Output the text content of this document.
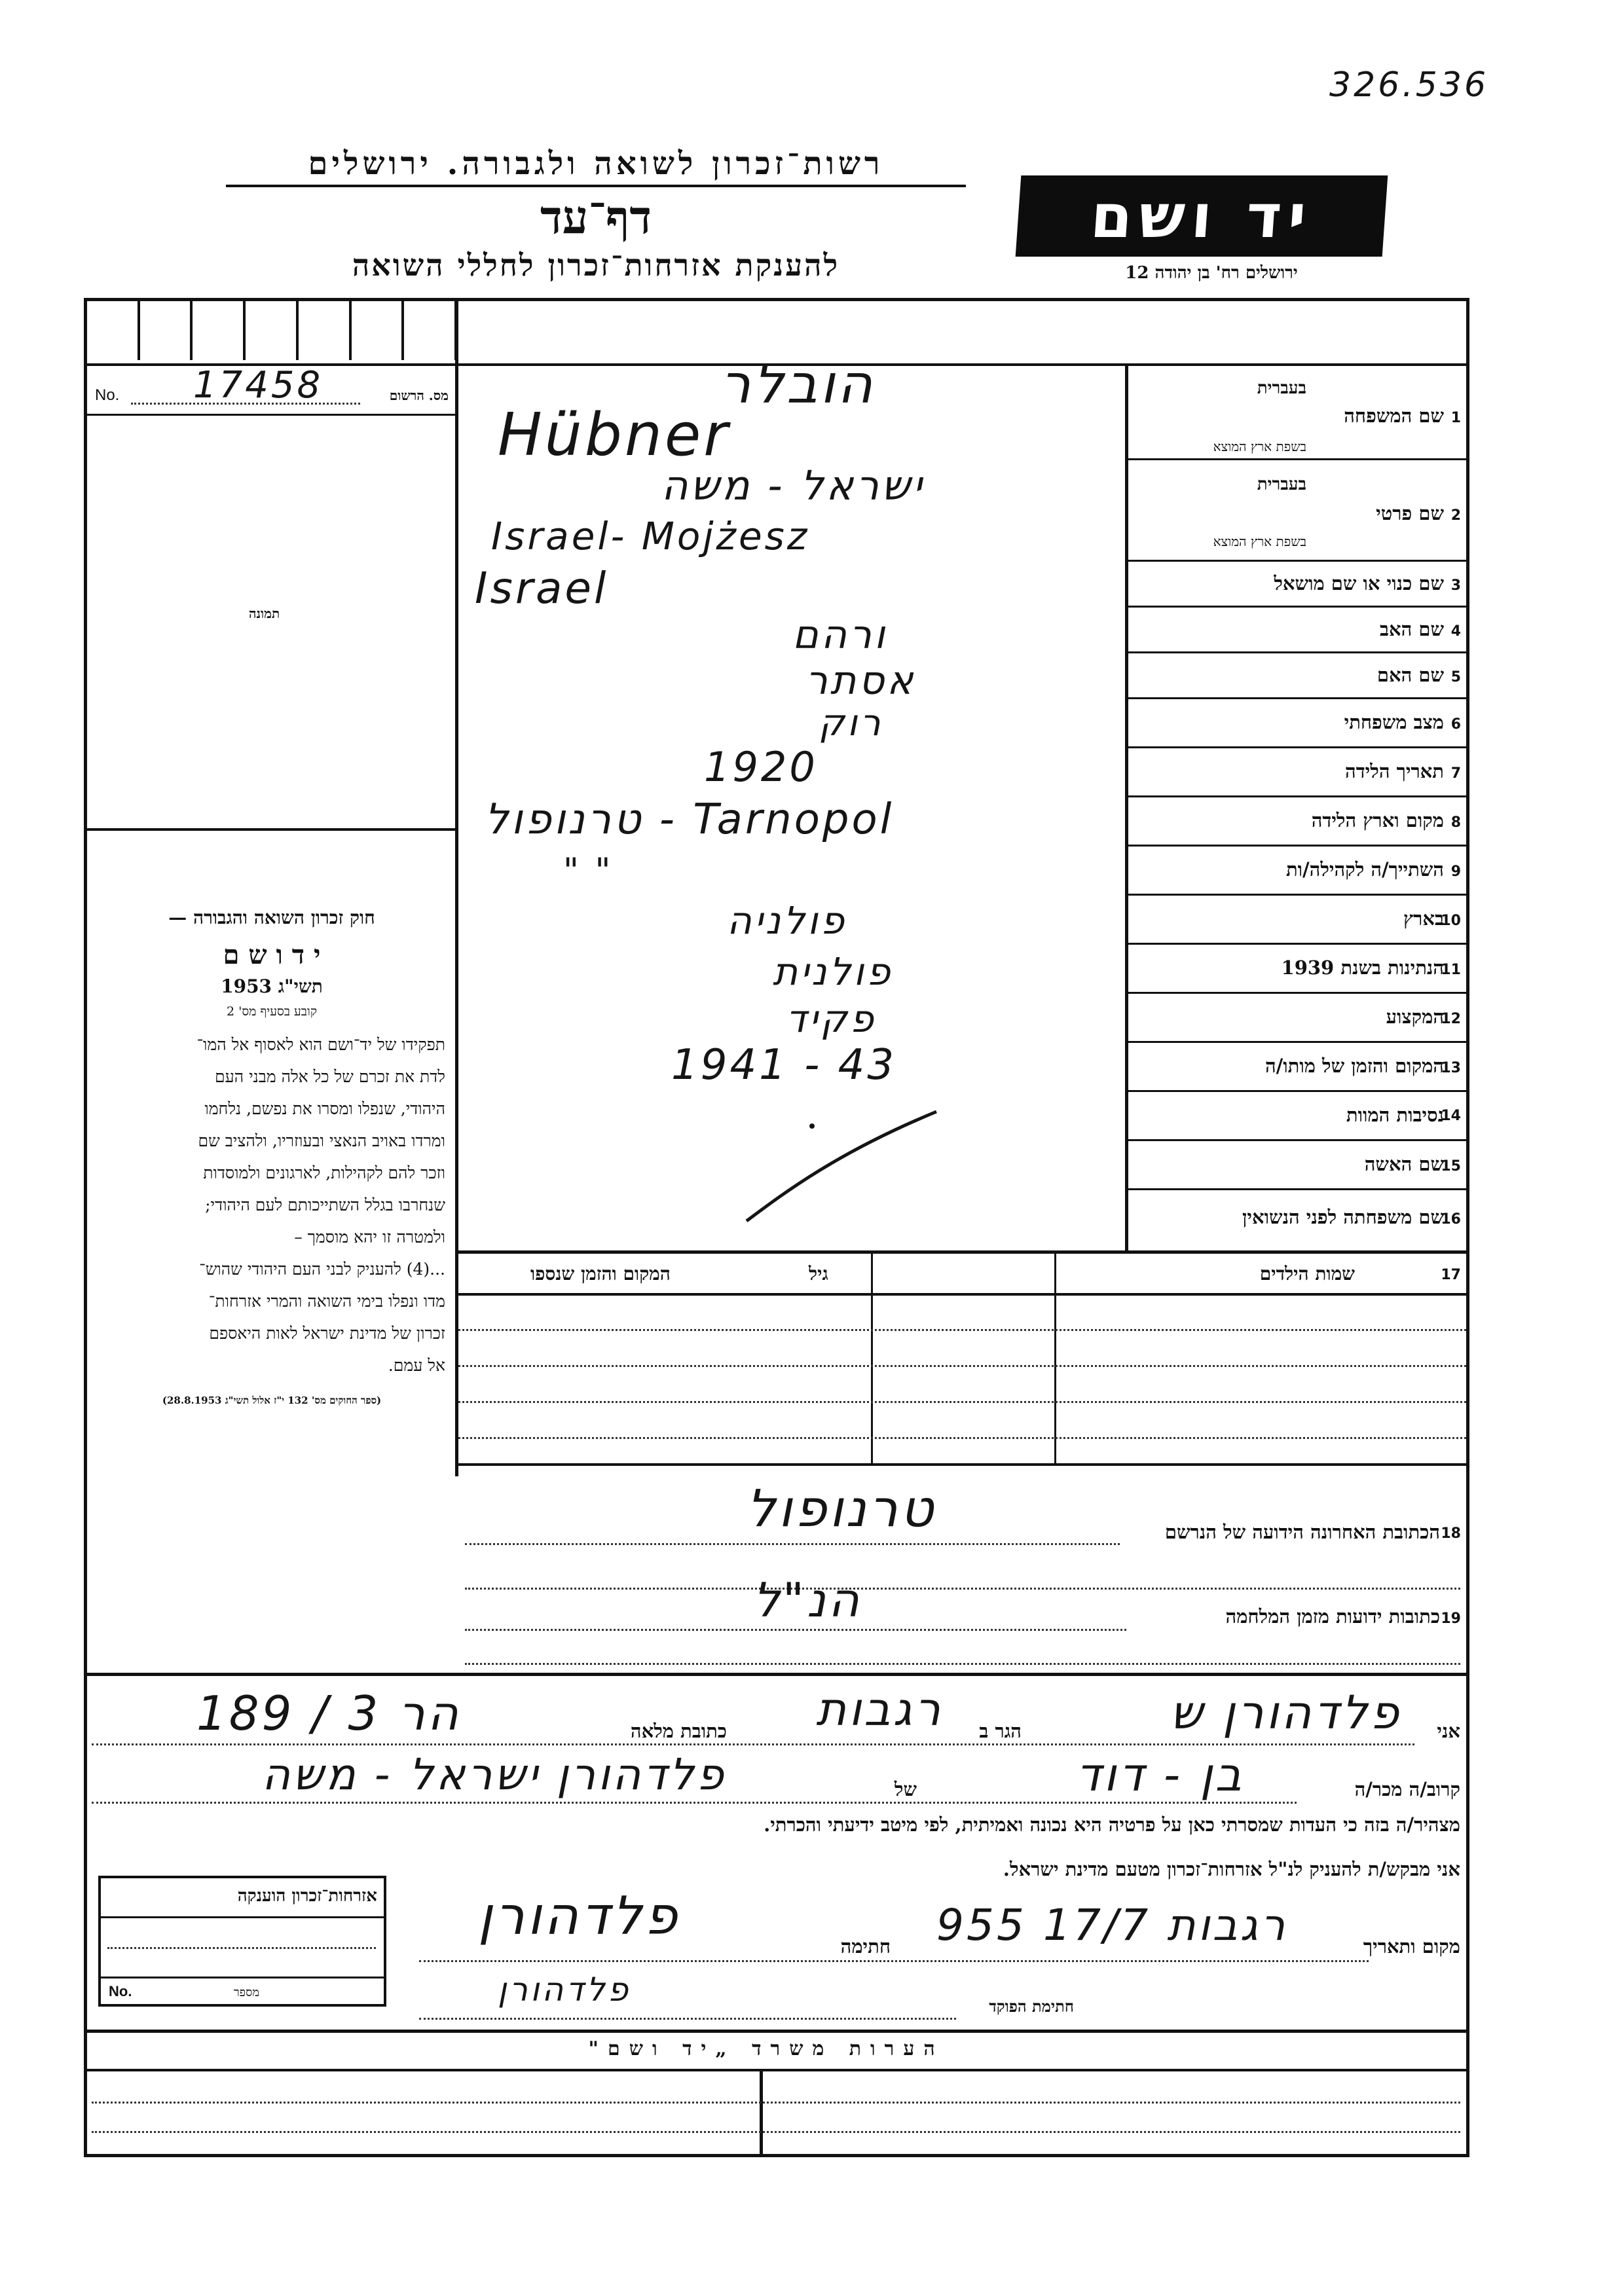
326.536
רשות־זכרון לשואה ולגבורה. ירושלים
דף־עד
להענקת אזרחות־זכרון לחללי השואה
יד ושם
ירושלים רח' בן יהודה 12
No. 17458	מס. הרשום
תמונה
חוק זכרון השואה והגבורה —
י ד ו ש ם
תשי"ג 1953
קובע בסעיף מס' 2
תפקידו של יד־ושם הוא לאסוף אל המו־
לדת את זכרם של כל אלה מבני העם
היהודי, שנפלו ומסרו את נפשם, נלחמו
ומרדו באויב הנאצי ובעוזריו, ולהציב שם
וזכר להם לקהילות, לארגונים ולמוסדות
שנחרבו בגלל השתייכותם לעם היהודי;
ולמטרה זו יהא מוסמך –
...(4) להעניק לבני העם היהודי שהוש־
מדו ונפלו בימי השואה והמרי אזרחות־
זכרון של מדינת ישראל לאות היאספם
אל עמם.
(ספר החוקים מס' 132 י"ז אלול תשי"ג 28.8.1953)
1
שם המשפחה
בעברית
בשפת ארץ המוצא
הובלר
Hübner
2
שם פרטי
בעברית
בשפת ארץ המוצא
ישראל - משה
Israel- Mojżesz
3
שם כנוי או שם מושאל
Israel
4
שם האב
ורהם
5
שם האם
אסתר
6
מצב משפחתי
רוק
7
תאריך הלידה
1920
8
מקום וארץ הלידה
טרנופול - Tarnopol
9
השתייך/ה לקהילה/ות
" "
10
בארץ
פולניה
11
הנתינות בשנת 1939
פולנית
12
המקצוע
פקיד
13
המקום והזמן של מותו/ה
1941 - 43
14
נסיבות המוות
15
שם האשה
16
שם משפחתה לפני הנשואין
17
שמות הילדים
גיל
המקום והזמן שנספו
18
הכתובת האחרונה הידועה של הנרשם
טרנופול
19
כתובות ידועות מזמן המלחמה
הנ"ל
אני
פלדהורן ש
הגר ב
רגבות
כתובת מלאה
הר 3 / 189
קרוב/ה מכר/ה
בן - דוד
של
פלדהורן ישראל - משה
מצהיר/ה בזה כי העדות שמסרתי כאן על פרטיה היא נכונה ואמיתית, לפי מיטב ידיעתי והכרתי.
אני מבקש/ת להעניק לנ"ל אזרחות־זכרון מטעם מדינת ישראל.
מקום ותאריך
רגבות 17/7 955
חתימה
פלדהורן
חתימת הפוקד
פלדהורן
אזרחות־זכרון הוענקה
No.	מספר
הערות משרד „יד ושם"
